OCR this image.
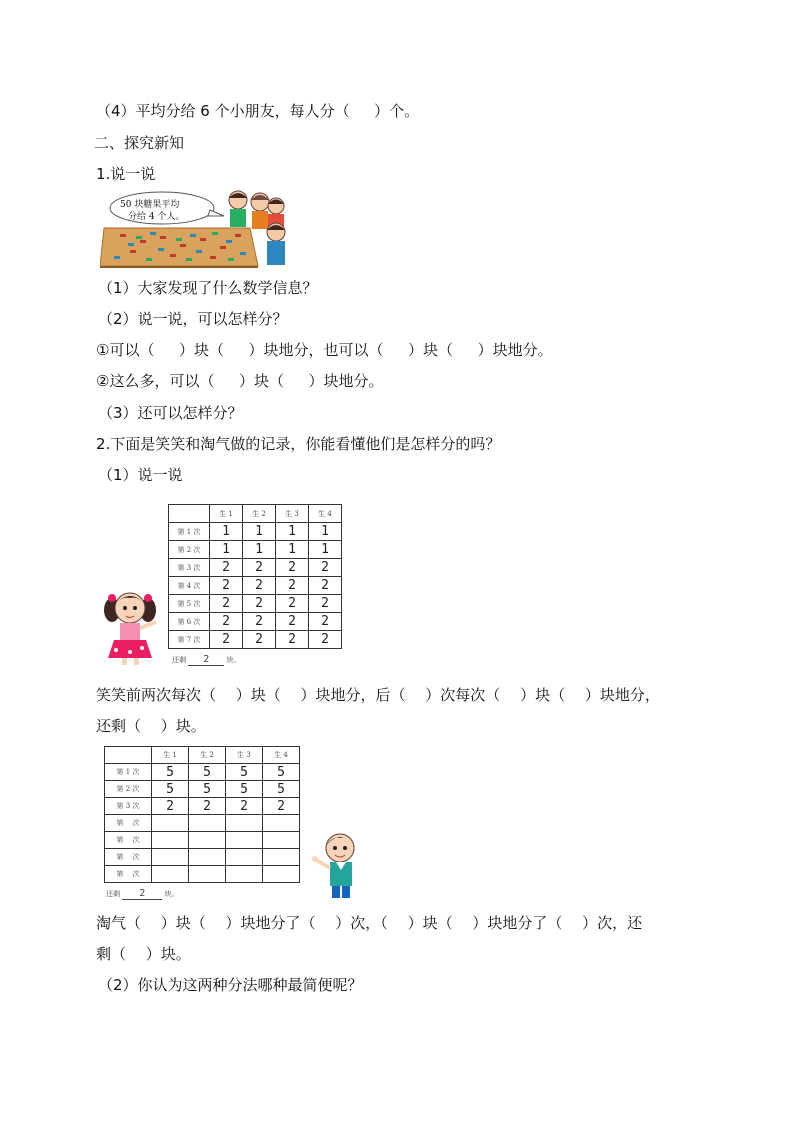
（4）平均分给 6 个小朋友，每人分（　  ）个。
二、探究新知
1.说一说
50 块糖果平均
分给 4 个人。
（1）大家发现了什么数学信息？
（2）说一说，可以怎样分？
①可以（　  ）块（　  ）块地分，也可以（　  ）块（　  ）块地分。
②这么多，可以（　  ）块（　  ）块地分。
（3）还可以怎样分？
2.下面是笑笑和淘气做的记录，你能看懂他们是怎样分的吗？
（1）说一说
	生 1	生 2	生 3	生 4
第 1 次	1	1	1	1
第 2 次	1	1	1	1
第 3 次	2	2	2	2
第 4 次	2	2	2	2
第 5 次	2	2	2	2
第 6 次	2	2	2	2
第 7 次	2	2	2	2
还剩 2 块。
笑笑前两次每次（　 ）块（　 ）块地分，后（　 ）次每次（　 ）块（　 ）块地分，
还剩（　 ）块。
	生 1	生 2	生 3	生 4
第 1 次	5	5	5	5
第 2 次	5	5	5	5
第 3 次	2	2	2	2
第　 次				
第　 次				
第　 次				
第　 次				
还剩 2	块。
淘气（　 ）块（　 ）块地分了（　 ）次，（　 ）块（　 ）块地分了（　 ）次，还
剩（　 ）块。
（2）你认为这两种分法哪种最简便呢？
